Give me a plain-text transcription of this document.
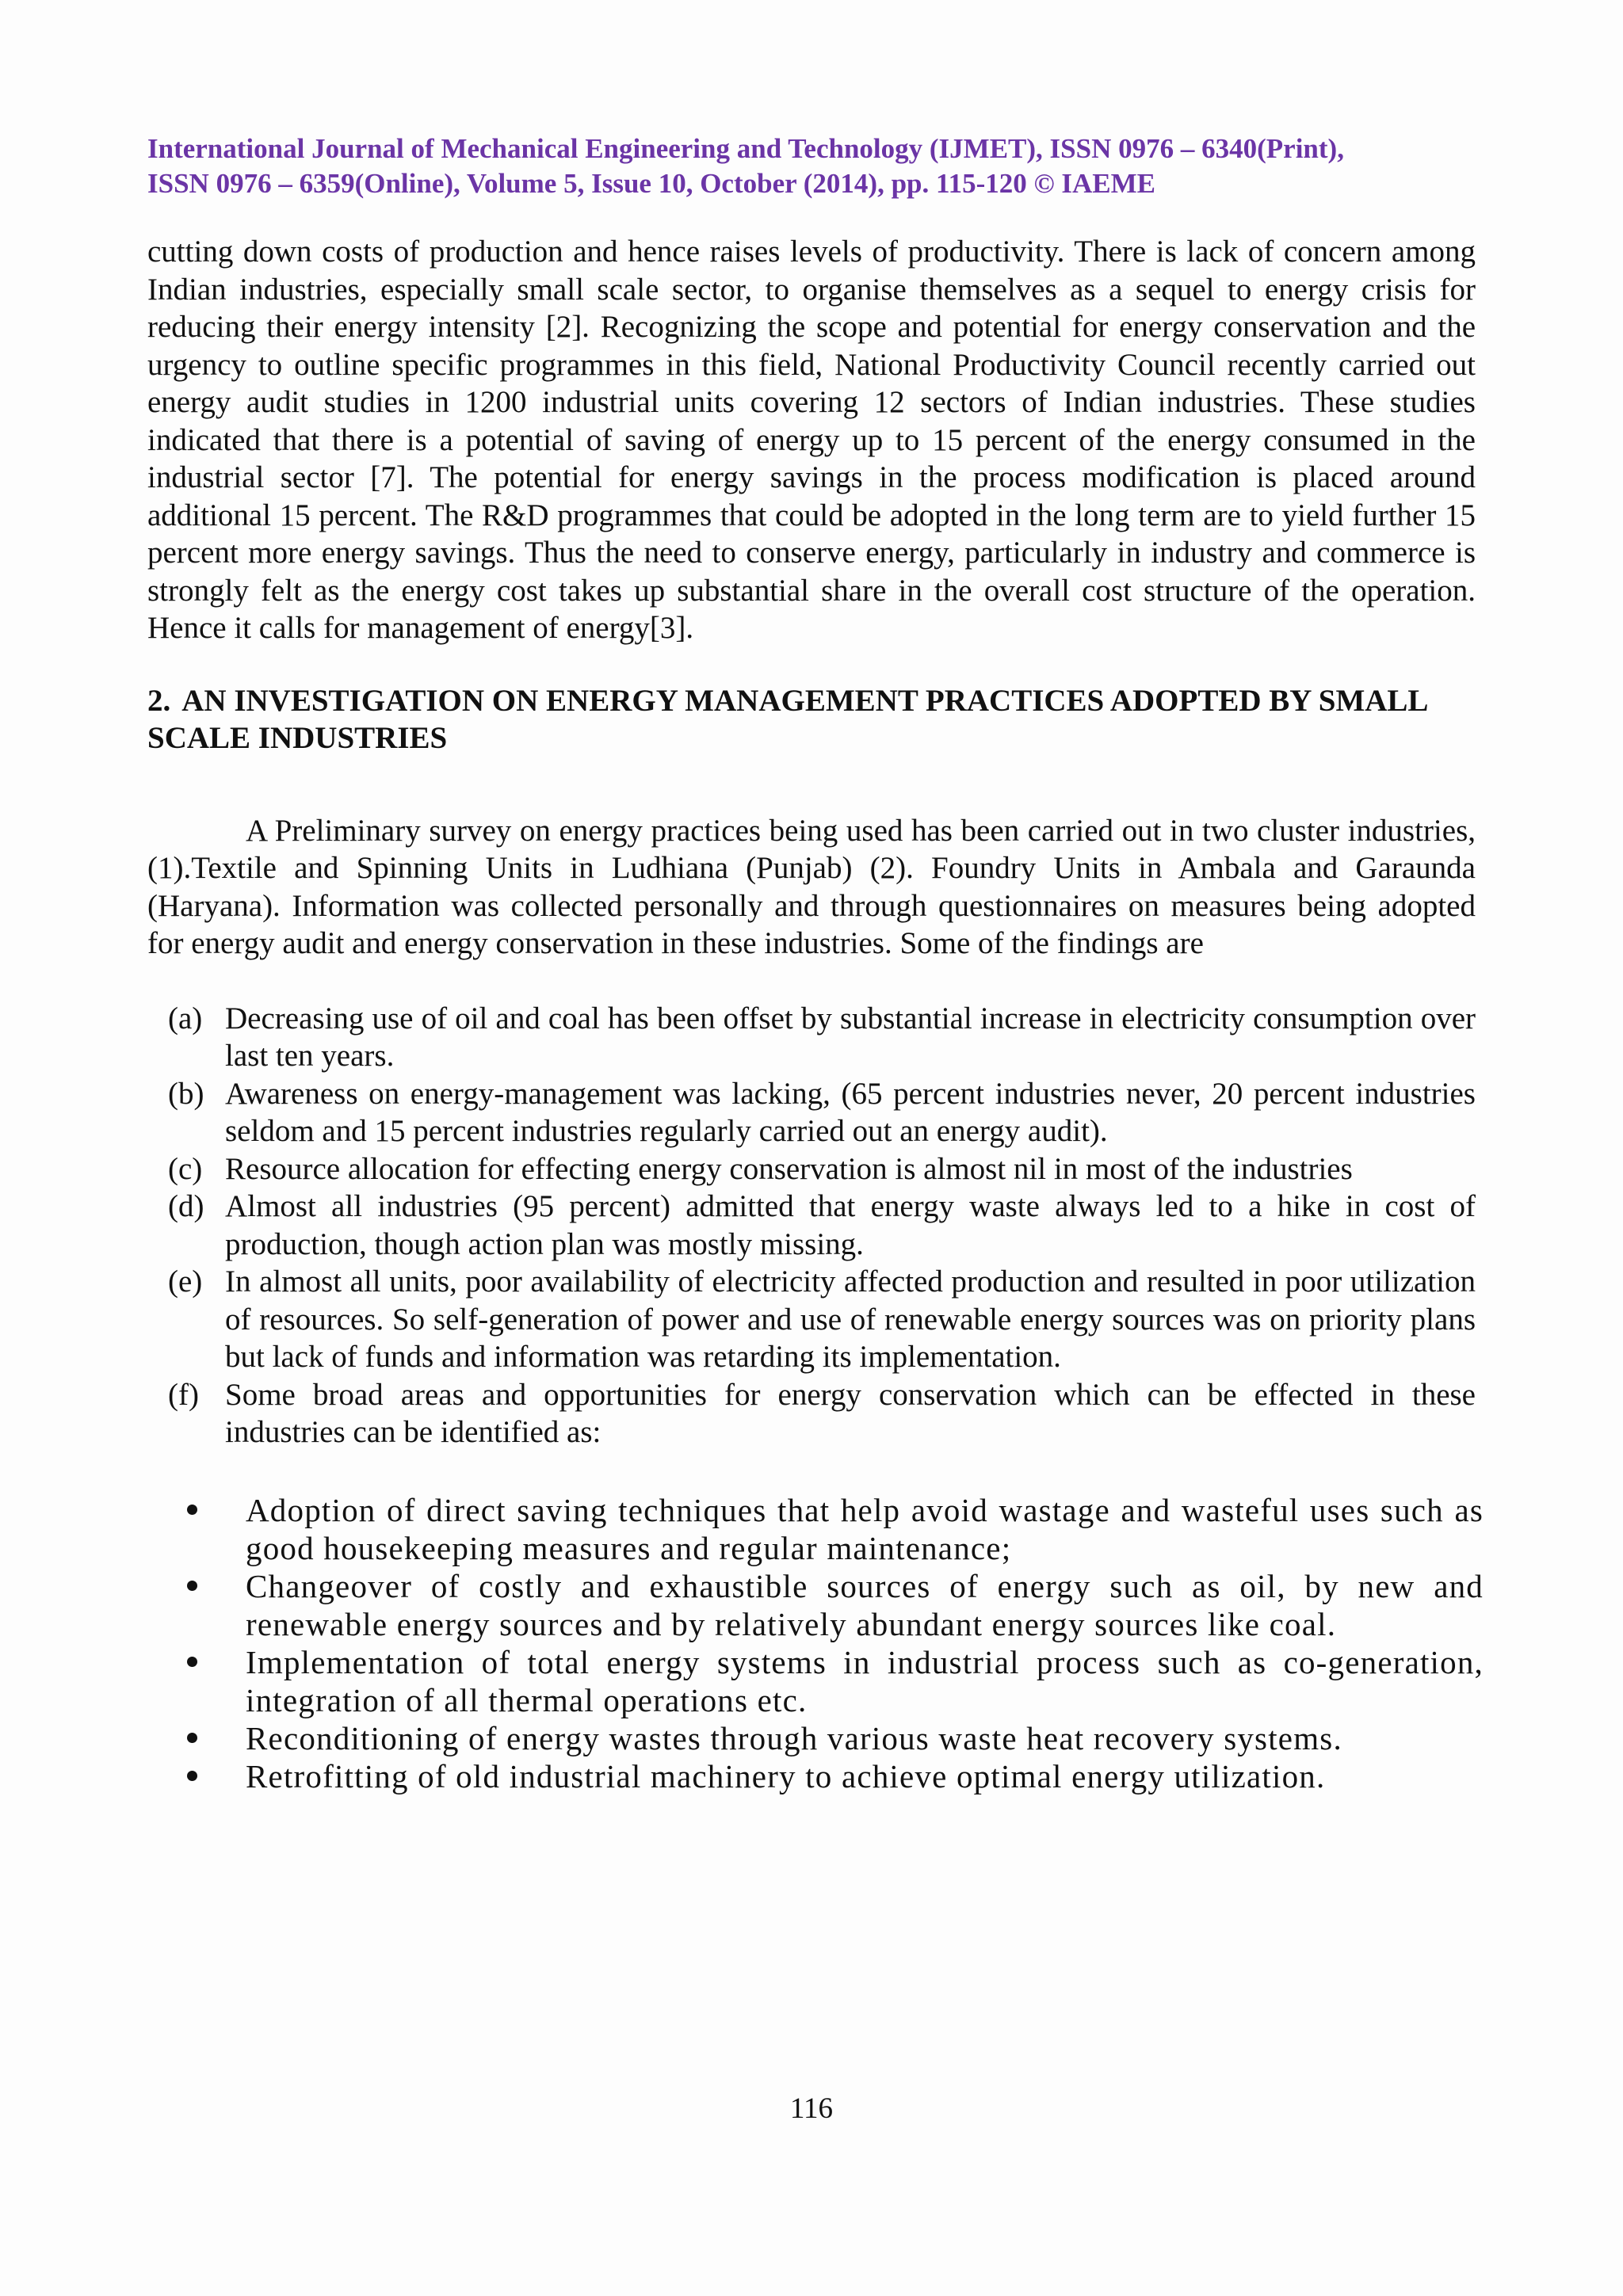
International Journal of Mechanical Engineering and Technology (IJMET), ISSN 0976 – 6340(Print),
ISSN 0976 – 6359(Online), Volume 5, Issue 10, October (2014), pp. 115-120 © IAEME

cutting down costs of production and hence raises levels of productivity. There is lack of concern among Indian industries, especially small scale sector, to organise themselves as a sequel to energy crisis for reducing their energy intensity [2]. Recognizing the scope and potential for energy conservation and the urgency to outline specific programmes in this field, National Productivity Council recently carried out energy audit studies in 1200 industrial units covering 12 sectors of Indian industries. These studies indicated that there is a potential of saving of energy up to 15 percent of the energy consumed in the industrial sector [7]. The potential for energy savings in the process modification is placed around additional 15 percent. The R&D programmes that could be adopted in the long term are to yield further 15 percent more energy savings. Thus the need to conserve energy, particularly in industry and commerce is strongly felt as the energy cost takes up substantial share in the overall cost structure of the operation. Hence it calls for management of energy[3].

2. AN INVESTIGATION ON ENERGY MANAGEMENT PRACTICES ADOPTED BY SMALL SCALE INDUSTRIES

A Preliminary survey on energy practices being used has been carried out in two cluster industries, (1).Textile and Spinning Units in Ludhiana (Punjab) (2). Foundry Units in Ambala and Garaunda (Haryana). Information was collected personally and through questionnaires on measures being adopted for energy audit and energy conservation in these industries. Some of the findings are

(a) Decreasing use of oil and coal has been offset by substantial increase in electricity consumption over last ten years.
(b) Awareness on energy-management was lacking, (65 percent industries never, 20 percent industries seldom and 15 percent industries regularly carried out an energy audit).
(c) Resource allocation for effecting energy conservation is almost nil in most of the industries
(d) Almost all industries (95 percent) admitted that energy waste always led to a hike in cost of production, though action plan was mostly missing.
(e) In almost all units, poor availability of electricity affected production and resulted in poor utilization of resources. So self-generation of power and use of renewable energy sources was on priority plans but lack of funds and information was retarding its implementation.
(f) Some broad areas and opportunities for energy conservation which can be effected in these industries can be identified as:
Adoption of direct saving techniques that help avoid wastage and wasteful uses such as good housekeeping measures and regular maintenance;
Changeover of costly and exhaustible sources of energy such as oil, by new and renewable energy sources and by relatively abundant energy sources like coal.
Implementation of total energy systems in industrial process such as co-generation, integration of all thermal operations etc.
Reconditioning of energy wastes through various waste heat recovery systems.
Retrofitting of old industrial machinery to achieve optimal energy utilization.
116
